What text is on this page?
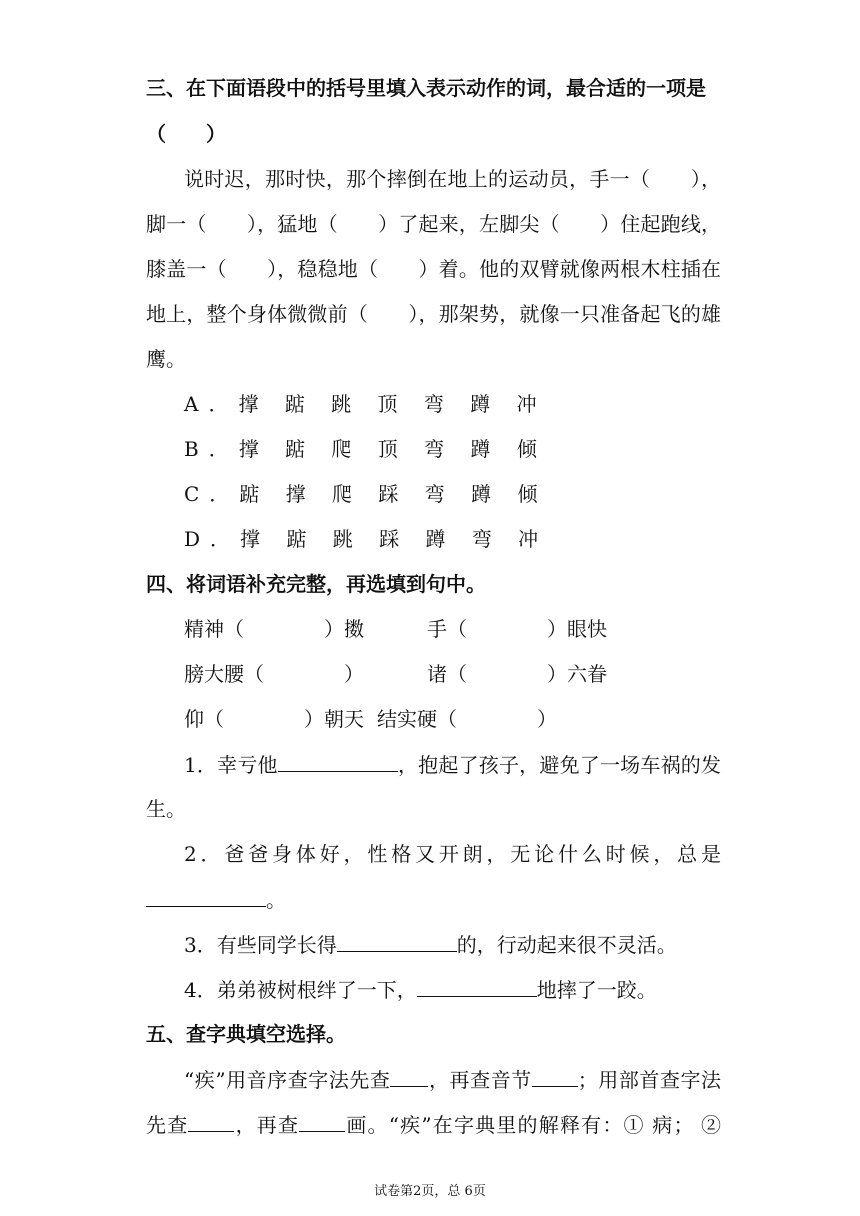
三、在下面语段中的括号里填入表示动作的词，最合适的一项是
（　　）
说时迟，那时快，那个摔倒在地上的运动员，手一（　　），
脚一（　　），猛地（　　）了起来，左脚尖（　　）住起跑线，
膝盖一（　　），稳稳地（　　）着。他的双臂就像两根木柱插在
地上，整个身体微微前（　　），那架势，就像一只准备起飞的雄
鹰。
A．撑 踮 跳 顶 弯 蹲 冲
B．撑 踮 爬 顶 弯 蹲 倾
C．踮 撑 爬 踩 弯 蹲 倾
D．撑 踮 跳 踩 蹲 弯 冲
四、将词语补充完整，再选填到句中。
精神（　　　　）擞	手（　　　　）眼快
膀大腰（　　　　）	诸（　　　　）六眷
仰（　　　　）朝天 结实硬（　　　　）
1．幸亏他	，抱起了孩子，避免了一场车祸的发
生。
2．爸爸身体好，性格又开朗，无论什么时候，总是
。
3．有些同学长得	的，行动起来很不灵活。
4．弟弟被树根绊了一下，	地摔了一跤。
五、查字典填空选择。
“疾”用音序查字法先查 ，再查音节 ；用部首查字法
先查 ，再查 画。“疾”在字典里的解释有：① 病； ②
试卷第2页，总 6页
